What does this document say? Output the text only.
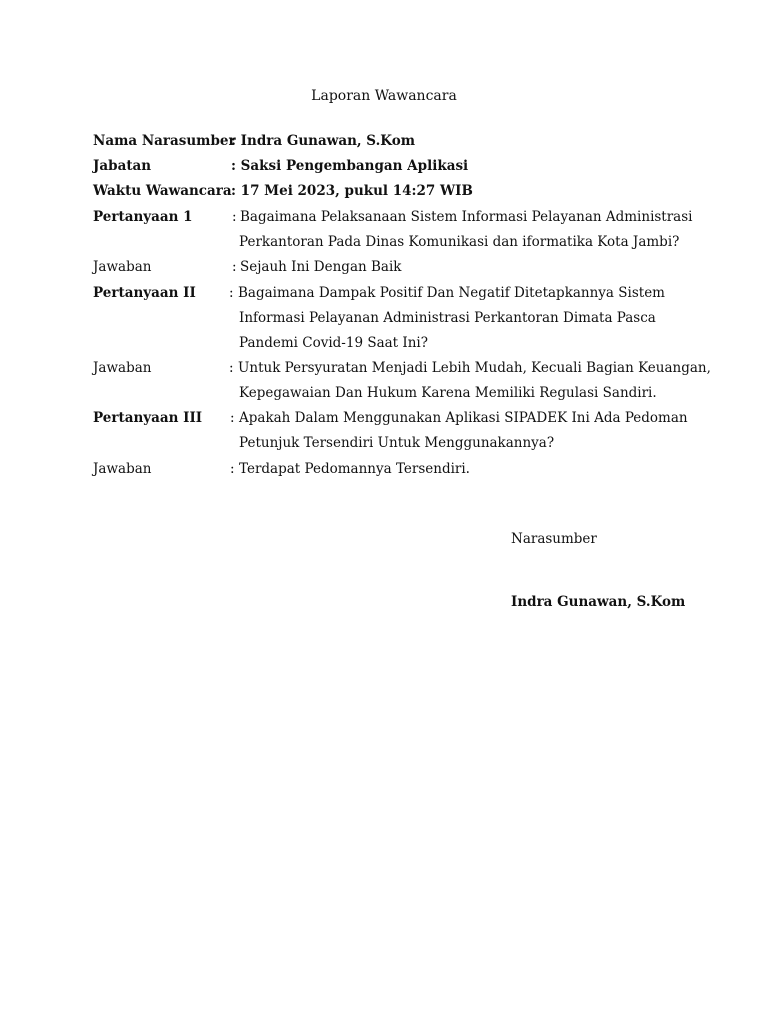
Laporan Wawancara
Nama Narasumber
: Indra Gunawan, S.Kom
Jabatan	: Saksi Pengembangan Aplikasi
Waktu Wawancara : 17 Mei 2023, pukul 14:27 WIB
Pertanyaan 1	: Bagaimana Pelaksanaan Sistem Informasi Pelayanan Administrasi
Perkantoran Pada Dinas Komunikasi dan iformatika Kota Jambi?
Jawaban	: Sejauh Ini Dengan Baik
Pertanyaan II : Bagaimana Dampak Positif Dan Negatif Ditetapkannya Sistem
Informasi Pelayanan Administrasi Perkantoran Dimata Pasca
Pandemi Covid-19 Saat Ini?
Jawaban	: Untuk Persyuratan Menjadi Lebih Mudah, Kecuali Bagian Keuangan,
Kepegawaian Dan Hukum Karena Memiliki Regulasi Sandiri.
Pertanyaan III : Apakah Dalam Menggunakan Aplikasi SIPADEK Ini Ada Pedoman
Petunjuk Tersendiri Untuk Menggunakannya?
Jawaban	: Terdapat Pedomannya Tersendiri.
Narasumber
Indra Gunawan, S.Kom
